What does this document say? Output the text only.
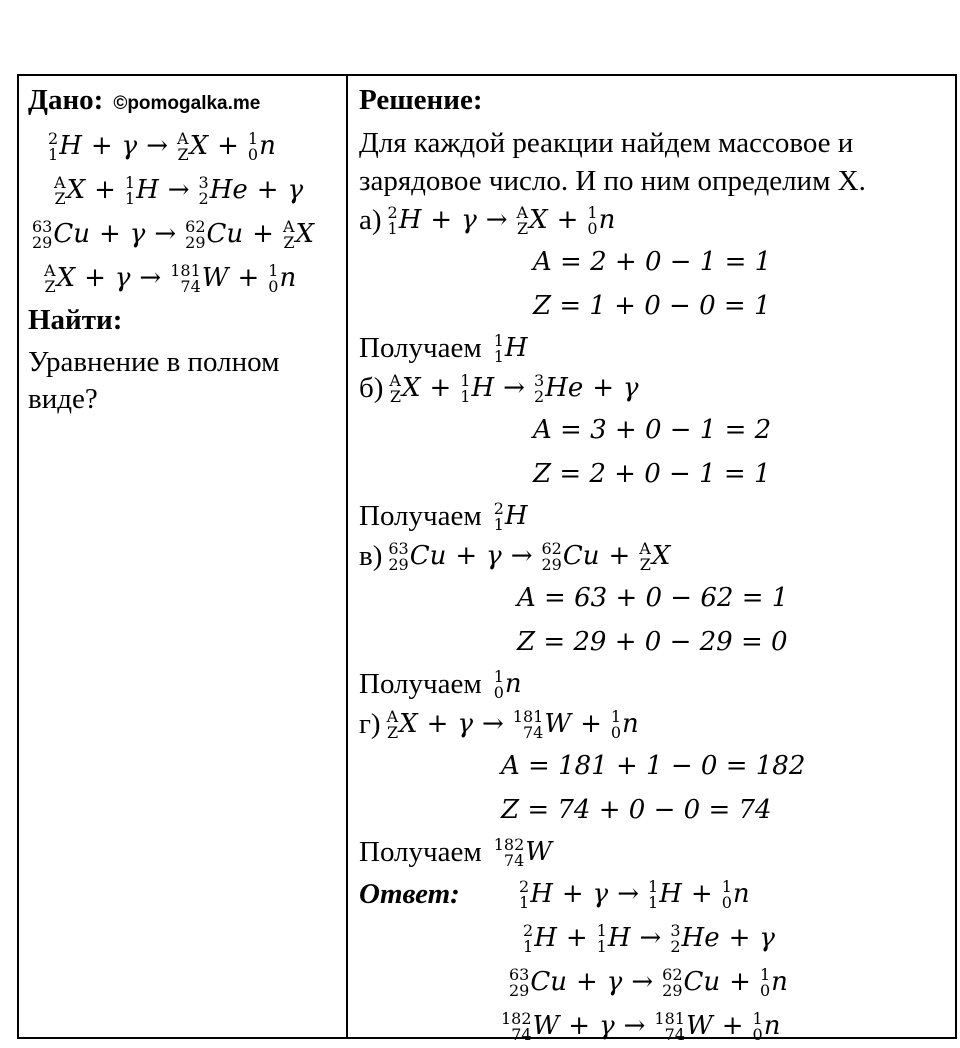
Дано: ©pomogalka.me
2
1 H + γ → A
Z X + 1
0 n
A
Z X + 1
1 H → 3
2 He + γ
63
29 Cu + γ → 62
29 Cu + A
Z X
A
Z X + γ → 181
74 W + 1
0 n
Найти:
Уравнение в полном виде?
Решение:
Для каждой реакции найдем массовое и
зарядовое число. И по ним определим X.
а) 2
1 H + γ → A
Z X + 1
0 n
A = 2 + 0 − 1 = 1
Z = 1 + 0 − 0 = 1
Получаем 1
1 H
б) A
Z X + 1
1 H → 3
2 He + γ
A = 3 + 0 − 1 = 2
Z = 2 + 0 − 1 = 1
Получаем 2
1 H
в) 63
29 Cu + γ → 62
29 Cu + A
Z X
A = 63 + 0 − 62 = 1
Z = 29 + 0 − 29 = 0
Получаем 1
0 n
г) A
Z X + γ → 181
74 W + 1
0 n
A = 181 + 1 − 0 = 182
Z = 74 + 0 − 0 = 74
Получаем 182
74 W
Ответ:	2
1 H + γ → 1
1 H + 1
0 n
2
1 H + 1
1 H → 3
2 He + γ
63
29 Cu + γ → 62
29 Cu + 1
0 n
182
74 W + γ → 181
74 W + 1
0 n
